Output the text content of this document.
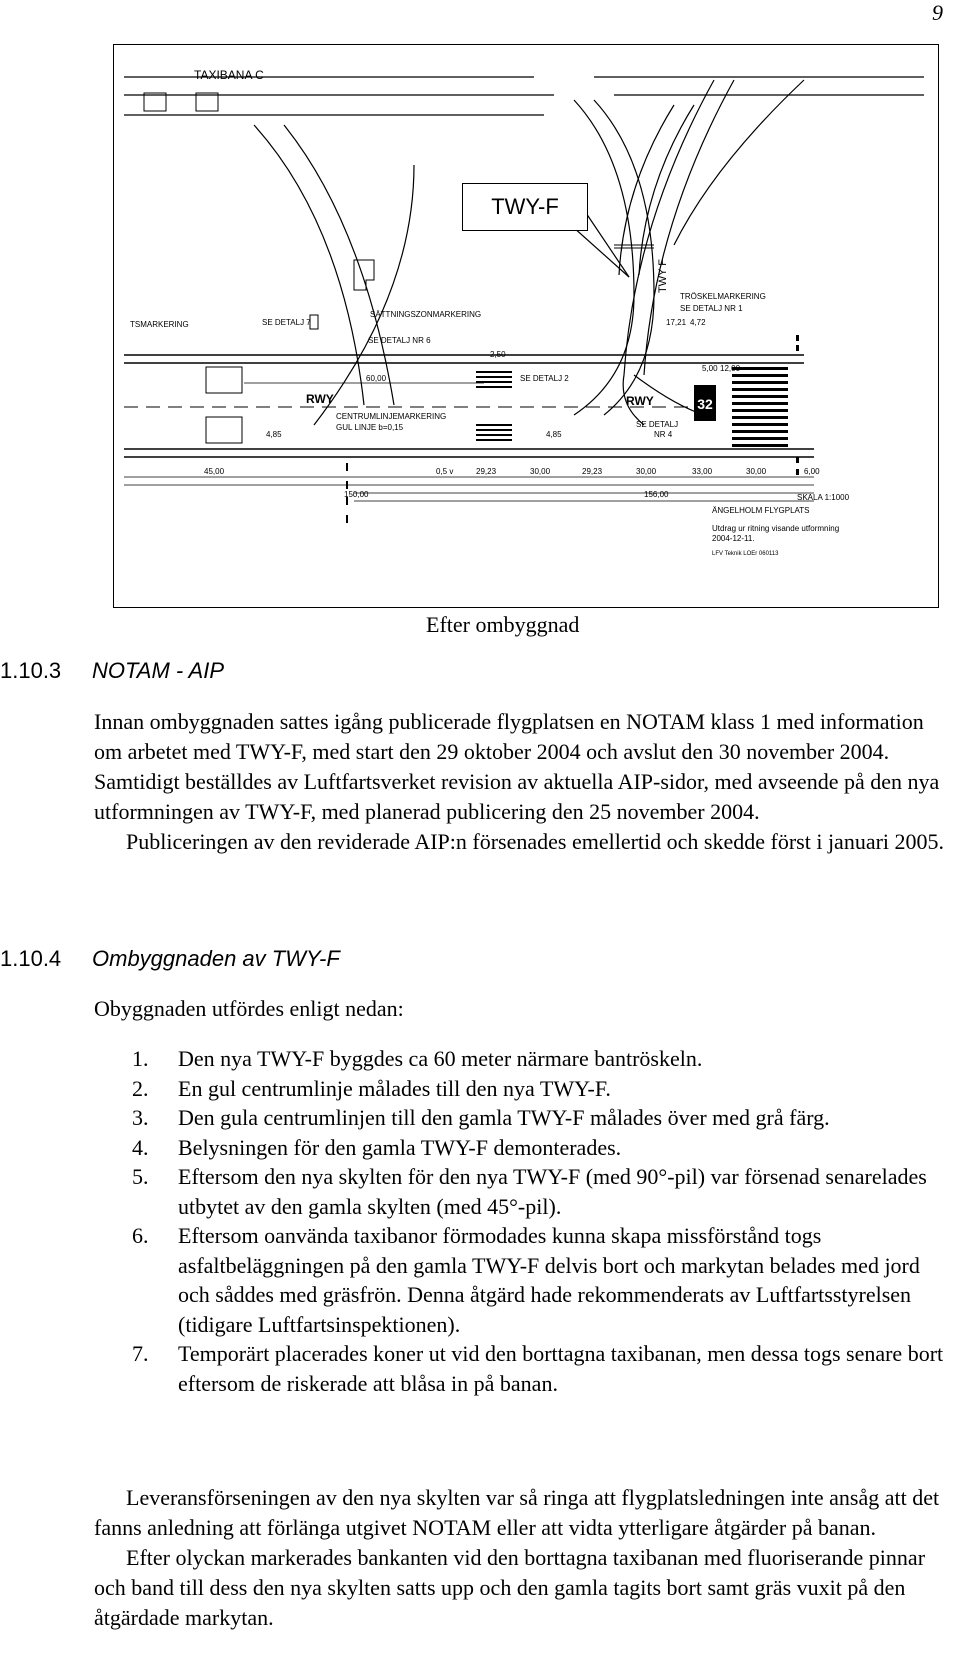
9
32
TAXIBANA C
TWY F
TSMARKERING	SE DETALJ 7
SÄTTNINGSZONMARKERING
SE DETALJ NR 6
TRÖSKELMARKERING
SE DETALJ NR 1
RWY	RWY
CENTRUMLINJEMARKERING
GUL LINJE b=0,15
SE DETALJ 2
SE DETALJ
NR 4
SKALA 1:1000
ÄNGELHOLM FLYGPLATS
Utdrag ur ritning visande utformning
2004-12-11.
LFV Teknik LOEr 060113
45,00
150,00
29,23	30,00	29,23	30,00	33,00	30,00	6,00
156,00
60,00
17,21 4,72
5,00 12,00
4,85	4,85
0,5 v
2,50
TWY-F
Efter ombyggnad
1.10.3 NOTAM - AIP

Innan ombyggnaden sattes igång publicerade flygplatsen en NOTAM klass 1 med information om arbetet med TWY-F, med start den 29 oktober 2004 och avslut den 30 november 2004. Samtidigt beställdes av Luftfartsverket revision av aktuella AIP-sidor, med avseende på den nya utformningen av TWY-F, med planerad publicering den 25 november 2004.

Publiceringen av den reviderade AIP:n försenades emellertid och skedde först i januari 2005.

1.10.4 Ombyggnaden av TWY-F
Obyggnaden utfördes enligt nedan:
1. Den nya TWY-F byggdes ca 60 meter närmare bantröskeln.
2. En gul centrumlinje målades till den nya TWY-F.
3. Den gula centrumlinjen till den gamla TWY-F målades över med grå färg.
4. Belysningen för den gamla TWY-F demonterades.
5. Eftersom den nya skylten för den nya TWY-F (med 90°-pil) var försenad senarelades utbytet av den gamla skylten (med 45°-pil).
6. Eftersom oanvända taxibanor förmodades kunna skapa missförstånd togs asfaltbeläggningen på den gamla TWY-F delvis bort och markytan belades med jord och såddes med gräsfrön. Denna åtgärd hade rekommenderats av Luftfartsstyrelsen (tidigare Luftfartsinspektionen).
7. Temporärt placerades koner ut vid den borttagna taxibanan, men dessa togs senare bort eftersom de riskerade att blåsa in på banan.

Leveransförseningen av den nya skylten var så ringa att flygplatsledningen inte ansåg att det fanns anledning att förlänga utgivet NOTAM eller att vidta ytterligare åtgärder på banan.

Efter olyckan markerades bankanten vid den borttagna taxibanan med fluoriserande pinnar och band till dess den nya skylten satts upp och den gamla tagits bort samt gräs vuxit på den åtgärdade markytan.
